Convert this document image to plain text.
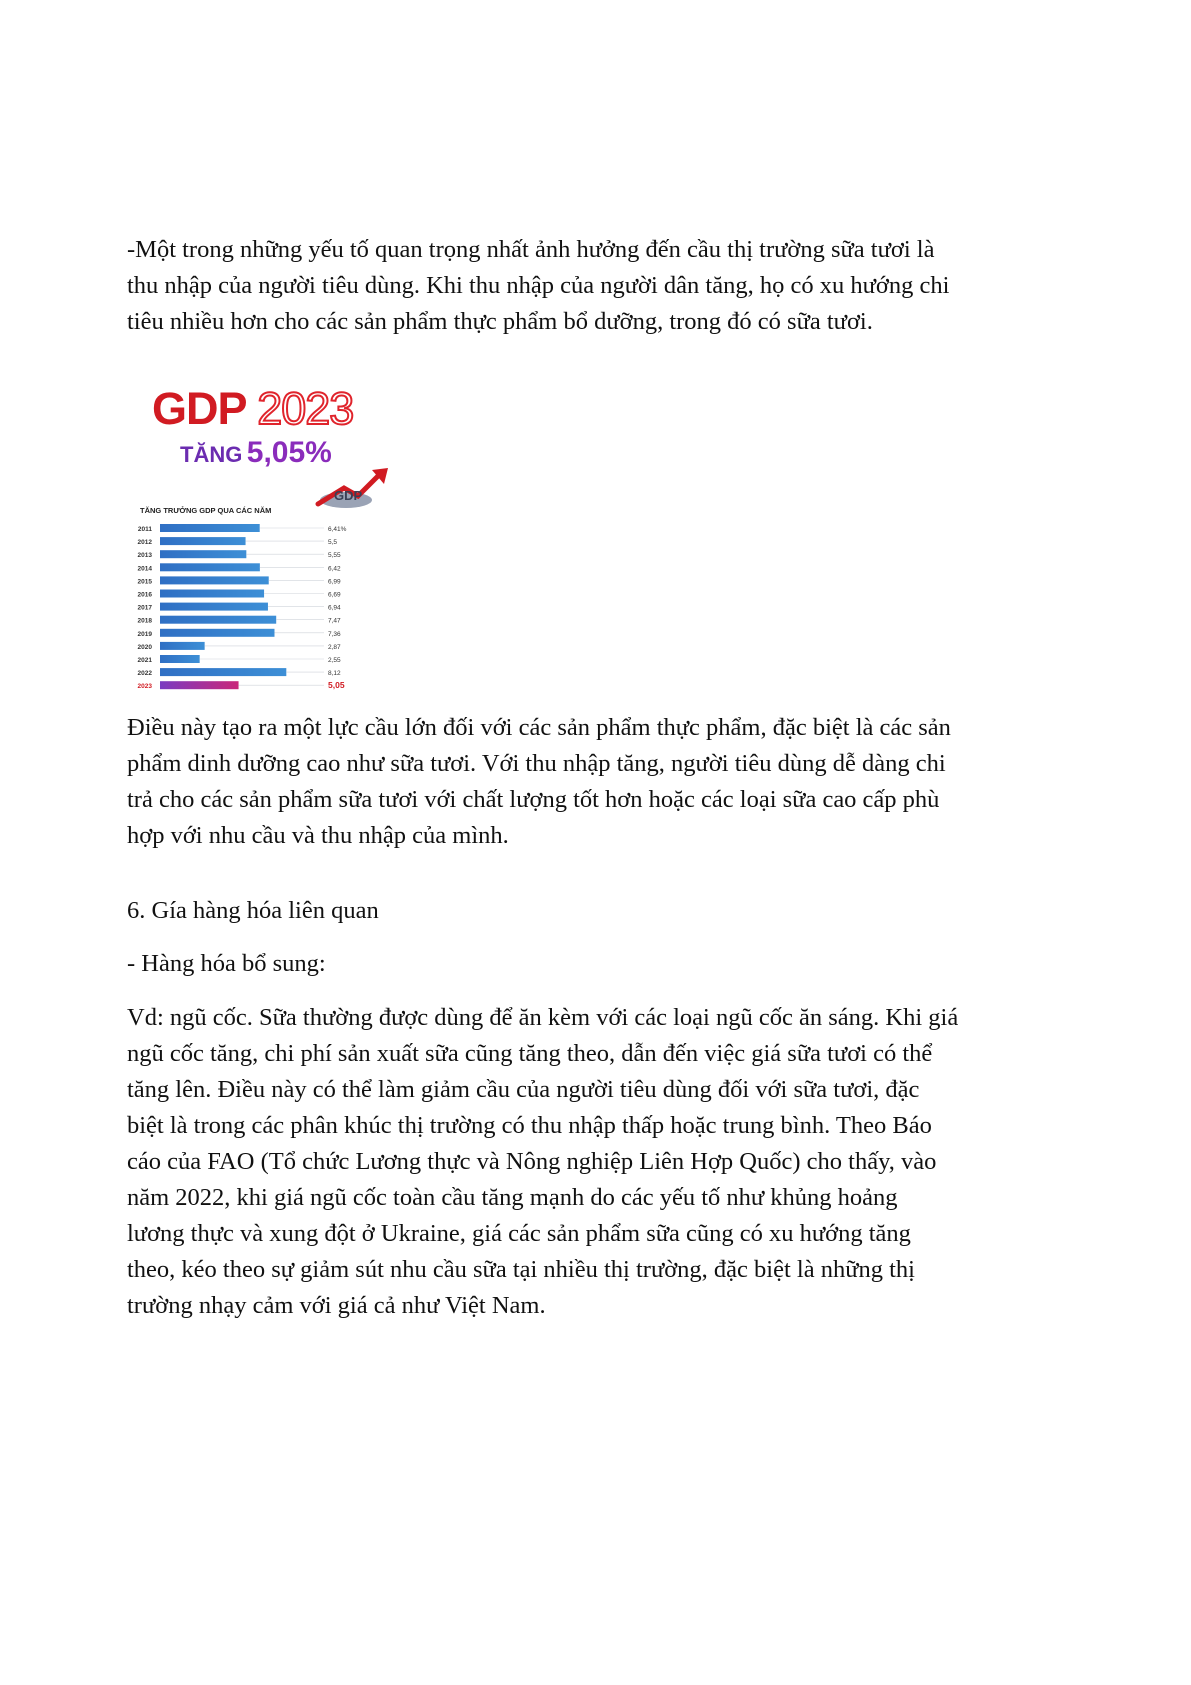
-Một trong những yếu tố quan trọng nhất ảnh hưởng đến cầu thị trường sữa tươi là
thu nhập của người tiêu dùng. Khi thu nhập của người dân tăng, họ có xu hướng chi
tiêu nhiều hơn cho các sản phẩm thực phẩm bổ dưỡng, trong đó có sữa tươi.

GDP 2023
TĂNG 5,05%
GDP
TĂNG TRƯỞNG GDP QUA CÁC NĂM
2011	6,41%
2012	5,5
2013	5,55
2014	6,42
2015	6,99
2016	6,69
2017	6,94
2018	7,47
2019	7,36
2020	2,87
2021	2,55
2022	8,12
2023	5,05

Điều này tạo ra một lực cầu lớn đối với các sản phẩm thực phẩm, đặc biệt là các sản
phẩm dinh dưỡng cao như sữa tươi. Với thu nhập tăng, người tiêu dùng dễ dàng chi
trả cho các sản phẩm sữa tươi với chất lượng tốt hơn hoặc các loại sữa cao cấp phù
hợp với nhu cầu và thu nhập của mình.

6. Gía hàng hóa liên quan

- Hàng hóa bổ sung:

Vd: ngũ cốc. Sữa thường được dùng để ăn kèm với các loại ngũ cốc ăn sáng. Khi giá
ngũ cốc tăng, chi phí sản xuất sữa cũng tăng theo, dẫn đến việc giá sữa tươi có thể
tăng lên. Điều này có thể làm giảm cầu của người tiêu dùng đối với sữa tươi, đặc
biệt là trong các phân khúc thị trường có thu nhập thấp hoặc trung bình. Theo Báo
cáo của FAO (Tổ chức Lương thực và Nông nghiệp Liên Hợp Quốc) cho thấy, vào
năm 2022, khi giá ngũ cốc toàn cầu tăng mạnh do các yếu tố như khủng hoảng
lương thực và xung đột ở Ukraine, giá các sản phẩm sữa cũng có xu hướng tăng
theo, kéo theo sự giảm sút nhu cầu sữa tại nhiều thị trường, đặc biệt là những thị
trường nhạy cảm với giá cả như Việt Nam.
